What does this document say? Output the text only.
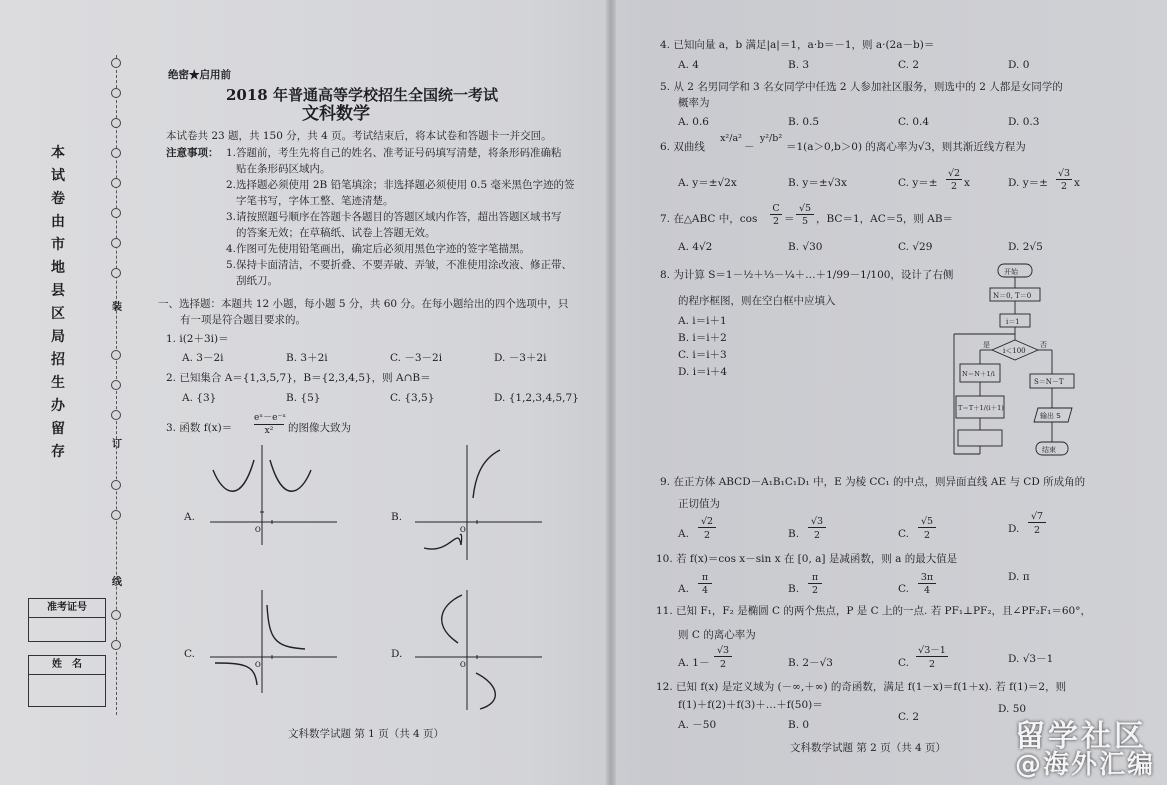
本
试
卷
由
市
地
县
区
局
招
生
办
留
存
装
订
线
准考证号
姓　名
绝密★启用前
2018 年普通高等学校招生全国统一考试
文科数学
本试卷共 23 题，共 150 分，共 4 页。考试结束后，将本试卷和答题卡一并交回。
注意事项： 1.答题前，考生先将自己的姓名、准考证号码填写清楚，将条形码准确粘
贴在条形码区域内。
2.选择题必须使用 2B 铅笔填涂；非选择题必须使用 0.5 毫米黑色字迹的签
字笔书写，字体工整、笔迹清楚。
3.请按照题号顺序在答题卡各题目的答题区域内作答，超出答题区域书写
的答案无效；在草稿纸、试卷上答题无效。
4.作图可先使用铅笔画出，确定后必须用黑色字迹的签字笔描黑。
5.保持卡面清洁，不要折叠、不要弄破、弄皱，不准使用涂改液、修正带、
刮纸刀。
一、选择题：本题共 12 小题，每小题 5 分，共 60 分。在每小题给出的四个选项中，只
有一项是符合题目要求的。
1. i(2＋3i)＝
A. 3－2i	B. 3＋2i	C. －3－2i	D. －3＋2i
2. 已知集合 A＝{1,3,5,7}，B＝{2,3,4,5}，则 A∩B＝
A. {3}	B. {5}	C. {3,5}	D. {1,2,3,4,5,7}
3. 函数 f(x)＝
eˣ－e⁻ˣ
x²	的图像大致为
A.	B.
C.	D.
O	O
O	O
文科数学试题 第 1 页（共 4 页）
4. 已知向量 a，b 满足|a|＝1，a·b＝－1，则 a·(2a－b)＝
A. 4	B. 3	C. 2	D. 0
5. 从 2 名男同学和 3 名女同学中任选 2 人参加社区服务，则选中的 2 人都是女同学的
概率为
A. 0.6	B. 0.5	C. 0.4	D. 0.3
6. 双曲线
x²/a²
－
y²/b²
＝1(a＞0,b＞0) 的离心率为√3，则其渐近线方程为
A. y＝±√2x	B. y＝±√3x	C. y＝±
√2
2 x	D. y＝±
√3
2 x
7. 在△ABC 中，cos
C
2 ＝
√5
5 ，BC＝1，AC＝5，则 AB＝
A. 4√2	B. √30	C. √29	D. 2√5
8. 为计算 S＝1－½＋⅓－¼＋…＋1/99－1/100，设计了右侧
的程序框图，则在空白框中应填入
A. i＝i＋1
B. i＝i＋2
C. i＝i＋3
D. i＝i＋4
开始
N＝0, T＝0
i＝1
i＜100
是	否
N＝N＋1/i
T＝T＋1/(i＋1)
S＝N－T
输出 S
结束
9. 在正方体 ABCD－A₁B₁C₁D₁ 中，E 为棱 CC₁ 的中点，则异面直线 AE 与 CD 所成角的
正切值为
A.
√2
2	B.
√3
2	C.
√5
2
D.
√7
2
10. 若 f(x)＝cos x－sin x 在 [0, a] 是减函数，则 a 的最大值是
A.
π
4	B.
π
2	C.
3π
4
D. π
11. 已知 F₁，F₂ 是椭圆 C 的两个焦点，P 是 C 上的一点. 若 PF₁⊥PF₂，且∠PF₂F₁＝60°，
则 C 的离心率为
A. 1－
√3
2	B. 2－√3	C.
√3－1
2	D. √3－1
12. 已知 f(x) 是定义域为 (－∞,＋∞) 的奇函数，满足 f(1－x)＝f(1＋x). 若 f(1)＝2，则
f(1)＋f(2)＋f(3)＋…＋f(50)＝
A. －50	B. 0
C. 2
D. 50
文科数学试题 第 2 页（共 4 页） 留学社区
@海外汇编
